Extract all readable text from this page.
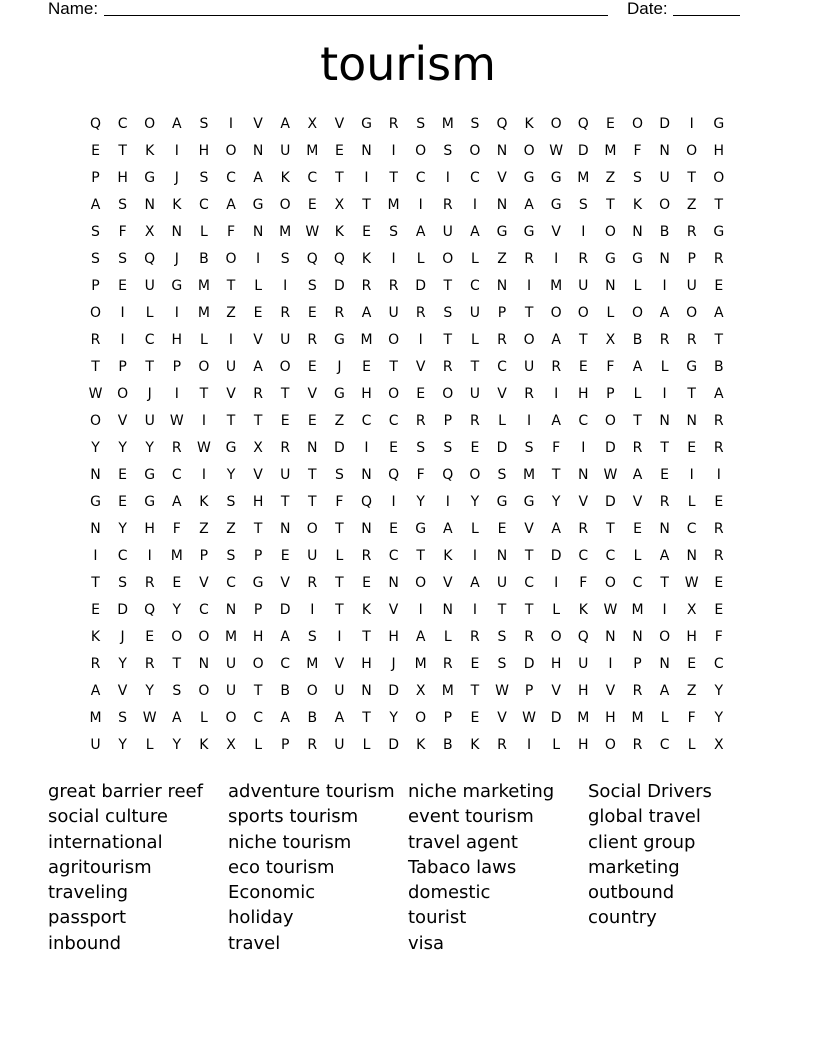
Name:	Date:
tourism
Q	C	O	A	S	I	V	A	X	V	G	R	S	M	S	Q	K	O	Q	E	O	D	I	G
E	T	K	I	H	O	N	U	M	E	N	I	O	S	O	N	O	W	D	M	F	N	O	H
P	H	G	J	S	C	A	K	C	T	I	T	C	I	C	V	G	G	M	Z	S	U	T	O
A	S	N	K	C	A	G	O	E	X	T	M	I	R	I	N	A	G	S	T	K	O	Z	T
S	F	X	N	L	F	N	M	W	K	E	S	A	U	A	G	G	V	I	O	N	B	R	G
S	S	Q	J	B	O	I	S	Q	Q	K	I	L	O	L	Z	R	I	R	G	G	N	P	R
P	E	U	G	M	T	L	I	S	D	R	R	D	T	C	N	I	M	U	N	L	I	U	E
O	I	L	I	M	Z	E	R	E	R	A	U	R	S	U	P	T	O	O	L	O	A	O	A
R	I	C	H	L	I	V	U	R	G	M	O	I	T	L	R	O	A	T	X	B	R	R	T
T	P	T	P	O	U	A	O	E	J	E	T	V	R	T	C	U	R	E	F	A	L	G	B
W	O	J	I	T	V	R	T	V	G	H	O	E	O	U	V	R	I	H	P	L	I	T	A
O	V	U	W	I	T	T	E	E	Z	C	C	R	P	R	L	I	A	C	O	T	N	N	R
Y	Y	Y	R	W	G	X	R	N	D	I	E	S	S	E	D	S	F	I	D	R	T	E	R
N	E	G	C	I	Y	V	U	T	S	N	Q	F	Q	O	S	M	T	N	W	A	E	I	I
G	E	G	A	K	S	H	T	T	F	Q	I	Y	I	Y	G	G	Y	V	D	V	R	L	E
N	Y	H	F	Z	Z	T	N	O	T	N	E	G	A	L	E	V	A	R	T	E	N	C	R
I	C	I	M	P	S	P	E	U	L	R	C	T	K	I	N	T	D	C	C	L	A	N	R
T	S	R	E	V	C	G	V	R	T	E	N	O	V	A	U	C	I	F	O	C	T	W	E
E	D	Q	Y	C	N	P	D	I	T	K	V	I	N	I	T	T	L	K	W	M	I	X	E
K	J	E	O	O	M	H	A	S	I	T	H	A	L	R	S	R	O	Q	N	N	O	H	F
R	Y	R	T	N	U	O	C	M	V	H	J	M	R	E	S	D	H	U	I	P	N	E	C
A	V	Y	S	O	U	T	B	O	U	N	D	X	M	T	W	P	V	H	V	R	A	Z	Y
M	S	W	A	L	O	C	A	B	A	T	Y	O	P	E	V	W	D	M	H	M	L	F	Y
U	Y	L	Y	K	X	L	P	R	U	L	D	K	B	K	R	I	L	H	O	R	C	L	X
great barrier reef
social culture
international
agritourism
traveling
passport
inbound
adventure tourism
sports tourism
niche tourism
eco tourism
Economic
holiday
travel
niche marketing
event tourism
travel agent
Tabaco laws
domestic
tourist
visa
Social Drivers
global travel
client group
marketing
outbound
country
